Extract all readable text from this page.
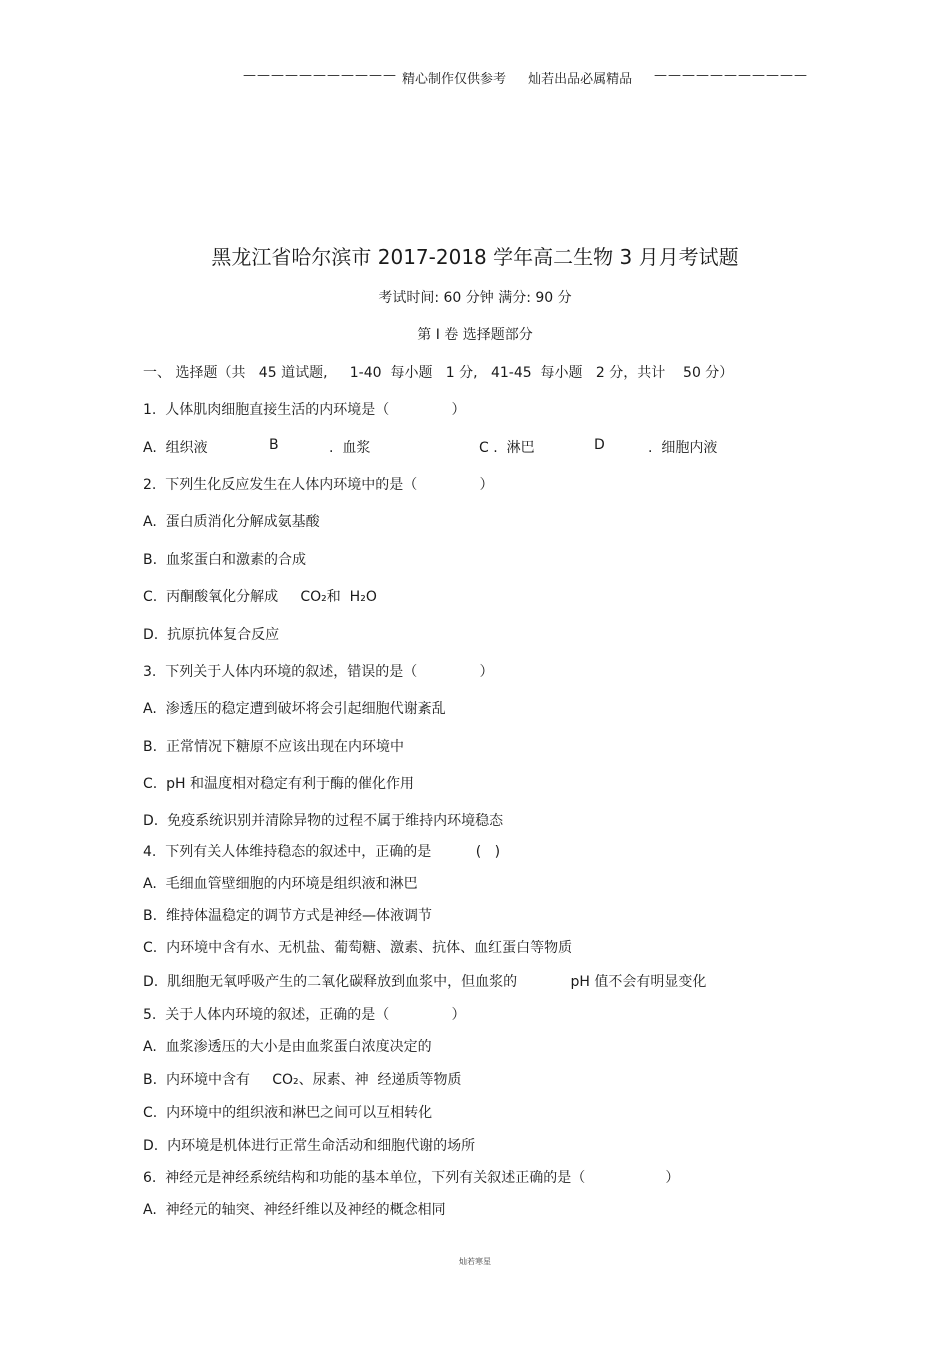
——————————— 精心制作仅供参考 灿若出品必属精品	———————————
黑龙江省哈尔滨市 2017-2018 学年高二生物 3 月月考试题
考试时间: 60 分钟 满分: 90 分
第 I 卷 选择题部分
一、 选择题（共   45 道试题,     1-40  每小题   1 分,   41-45  每小题   2 分，共计    50 分）
1.  人体肌肉细胞直接生活的内环境是（              ）
A.  组织液	B	.  血浆	C .  淋巴	D	.  细胞内液
2.  下列生化反应发生在人体内环境中的是（              ）
A.  蛋白质消化分解成氨基酸
B.  血浆蛋白和激素的合成
C.  丙酮酸氧化分解成     CO₂和  H₂O
D.  抗原抗体复合反应
3.  下列关于人体内环境的叙述，错误的是（              ）
A.  渗透压的稳定遭到破坏将会引起细胞代谢紊乱
B.  正常情况下糖原不应该出现在内环境中
C.  pH 和温度相对稳定有利于酶的催化作用
D.  免疫系统识别并清除异物的过程不属于维持内环境稳态
4.  下列有关人体维持稳态的叙述中，正确的是          (   )
A.  毛细血管壁细胞的内环境是组织液和淋巴
B.  维持体温稳定的调节方式是神经—体液调节
C.  内环境中含有水、无机盐、葡萄糖、激素、抗体、血红蛋白等物质
D.  肌细胞无氧呼吸产生的二氧化碳释放到血浆中，但血浆的            pH 值不会有明显变化
5.  关于人体内环境的叙述，正确的是（              ）
A.  血浆渗透压的大小是由血浆蛋白浓度决定的
B.  内环境中含有     CO₂、尿素、神  经递质等物质
C.  内环境中的组织液和淋巴之间可以互相转化
D.  内环境是机体进行正常生命活动和细胞代谢的场所
6.  神经元是神经系统结构和功能的基本单位，下列有关叙述正确的是（                  ）
A.  神经元的轴突、神经纤维以及神经的概念相同
灿若寒星
